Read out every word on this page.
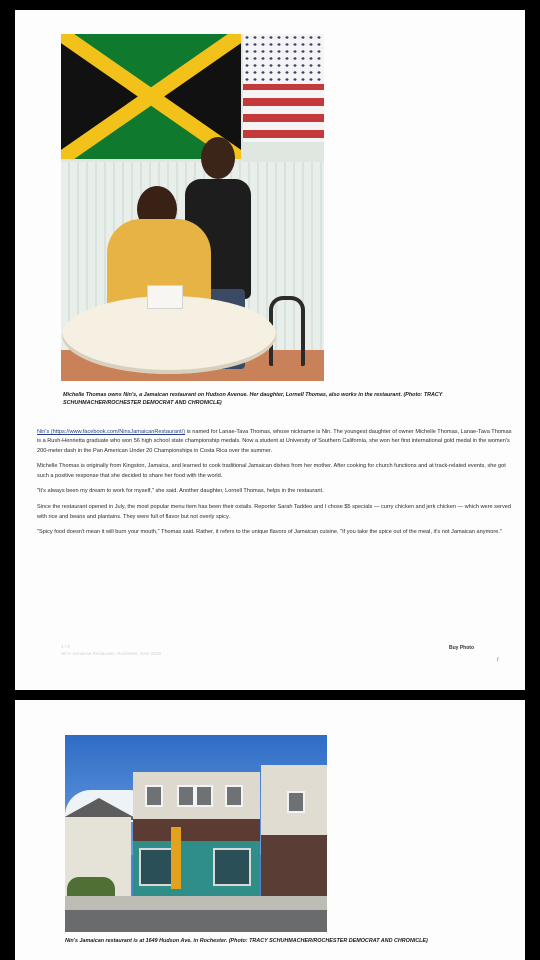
Michelle Thomas owns Nin's, a Jamaican restaurant on Hudson Avenue. Her daughter, Lornell Thomas, also works in the restaurant. (Photo: TRACY SCHUHMACHER/ROCHESTER DEMOCRAT AND CHRONICLE)

Nin's (https://www.facebook.com/NinsJamaicanRestaurant/) is named for Lanae-Tava Thomas, whose nickname is Nin. The youngest daughter of owner Michelle Thomas, Lanae-Tava Thomas is a Rush-Henrietta graduate who won 56 high school state championship medals. Now a student at University of Southern California, she won her first international gold medal in the women's 200-meter dash in the Pan American Under 20 Championships in Costa Rica over the summer.

Michelle Thomas is originally from Kingston, Jamaica, and learned to cook traditional Jamaican dishes from her mother. After cooking for church functions and at track-related events, she got such a positive response that she decided to share her food with the world.

"It's always been my dream to work for myself," she said. Another daughter, Lornell Thomas, helps in the restaurant.

Since the restaurant opened in July, the most popular menu item has been their oxtails. Reporter Sarah Taddeo and I chose $5 specials — curry chicken and jerk chicken — which were served with rice and beans and plantains. They were full of flavor but not overly spicy.

"Spicy food doesn't mean it will burn your mouth," Thomas said. Rather, it refers to the unique flavors of Jamaican cuisine. "If you take the spice out of the meal, it's not Jamaican anymore."

4 / 5
Nin's Jamaican Restaurant, Rochester, June 2018
Buy Photo
/
Nin's Jamaican restaurant is at 1649 Hudson Ave. in Rochester. (Photo: TRACY SCHUHMACHER/ROCHESTER DEMOCRAT AND CHRONICLE)
